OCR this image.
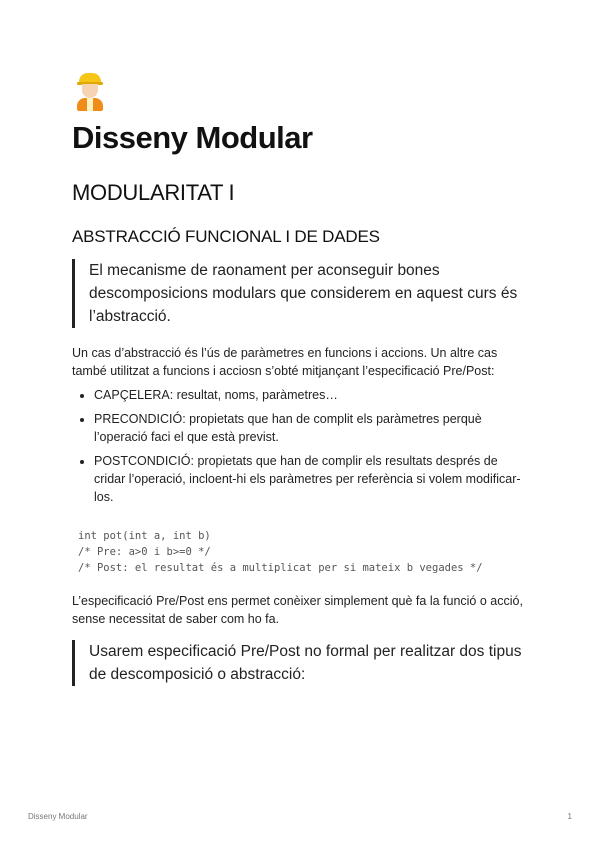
Disseny Modular
MODULARITAT I
ABSTRACCIÓ FUNCIONAL I DE DADES
El mecanisme de raonament per aconseguir bones descomposicions modulars que considerem en aquest curs és l’abstracció.

Un cas d’abstracció és l’ús de paràmetres en funcions i accions. Un altre cas també utilitzat a funcions i acciosn s’obté mitjançant l’especificació Pre/Post:

• CAPÇELERA: resultat, noms, paràmetres…
• PRECONDICIÓ: propietats que han de complit els paràmetres perquè l’operació faci el que està previst.
• POSTCONDICIÓ: propietats que han de complir els resultats després de cridar l’operació, incloent-hi els paràmetres per referència si volem modificar-los.
int pot(int a, int b)
/* Pre: a>0 i b>=0 */
/* Post: el resultat és a multiplicat per si mateix b vegades */

L’especificació Pre/Post ens permet conèixer simplement què fa la funció o acció, sense necessitat de saber com ho fa.

Usarem especificació Pre/Post no formal per realitzar dos tipus de descomposició o abstracció:
Disseny Modular	1
